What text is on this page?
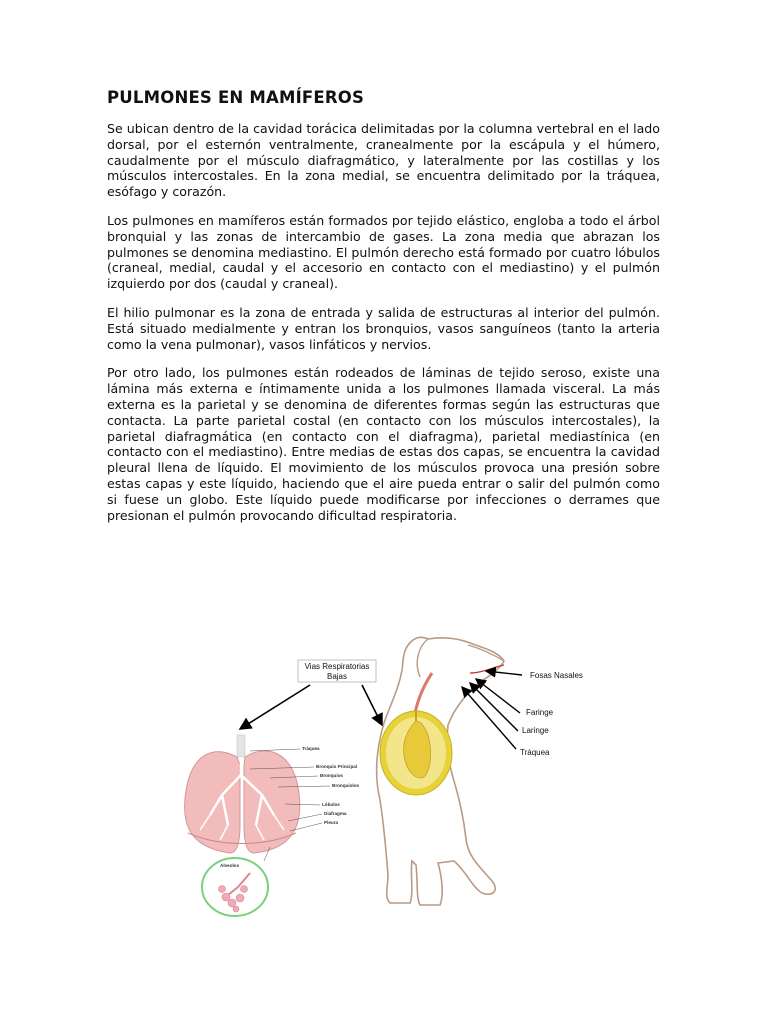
PULMONES EN MAMÍFEROS

Se ubican dentro de la cavidad torácica delimitadas por la columna vertebral en el lado dorsal, por el esternón ventralmente, cranealmente por la escápula y el húmero, caudalmente por el músculo diafragmático, y lateralmente por las costillas y los músculos intercostales. En la zona medial, se encuentra delimitado por la tráquea, esófago y corazón.

Los pulmones en mamíferos están formados por tejido elástico, engloba a todo el árbol bronquial y las zonas de intercambio de gases. La zona media que abrazan los pulmones se denomina mediastino. El pulmón derecho está formado por cuatro lóbulos (craneal, medial, caudal y el accesorio en contacto con el mediastino) y el pulmón izquierdo por dos (caudal y craneal).

El hilio pulmonar es la zona de entrada y salida de estructuras al interior del pulmón. Está situado medialmente y entran los bronquios, vasos sanguíneos (tanto la arteria como la vena pulmonar), vasos linfáticos y nervios.

Por otro lado, los pulmones están rodeados de láminas de tejido seroso, existe una lámina más externa e íntimamente unida a los pulmones llamada visceral. La más externa es la parietal y se denomina de diferentes formas según las estructuras que contacta. La parte parietal costal (en contacto con los músculos intercostales), la parietal diafragmática (en contacto con el diafragma), parietal mediastínica (en contacto con el mediastino). Entre medias de estas dos capas, se encuentra la cavidad pleural llena de líquido. El movimiento de los músculos provoca una presión sobre estas capas y este líquido, haciendo que el aire pueda entrar o salir del pulmón como si fuese un globo. Este líquido puede modificarse por infecciones o derrames que presionan el pulmón provocando dificultad respiratoria.

Vias Respiratorias
Bajas
Tráquea
Bronquio Principal
Bronquios
Bronquiolos
Lóbulos
Diafragma
Pleura
Alveolos
Fosas Nasales
Faringe
Laringe
Tráquea
